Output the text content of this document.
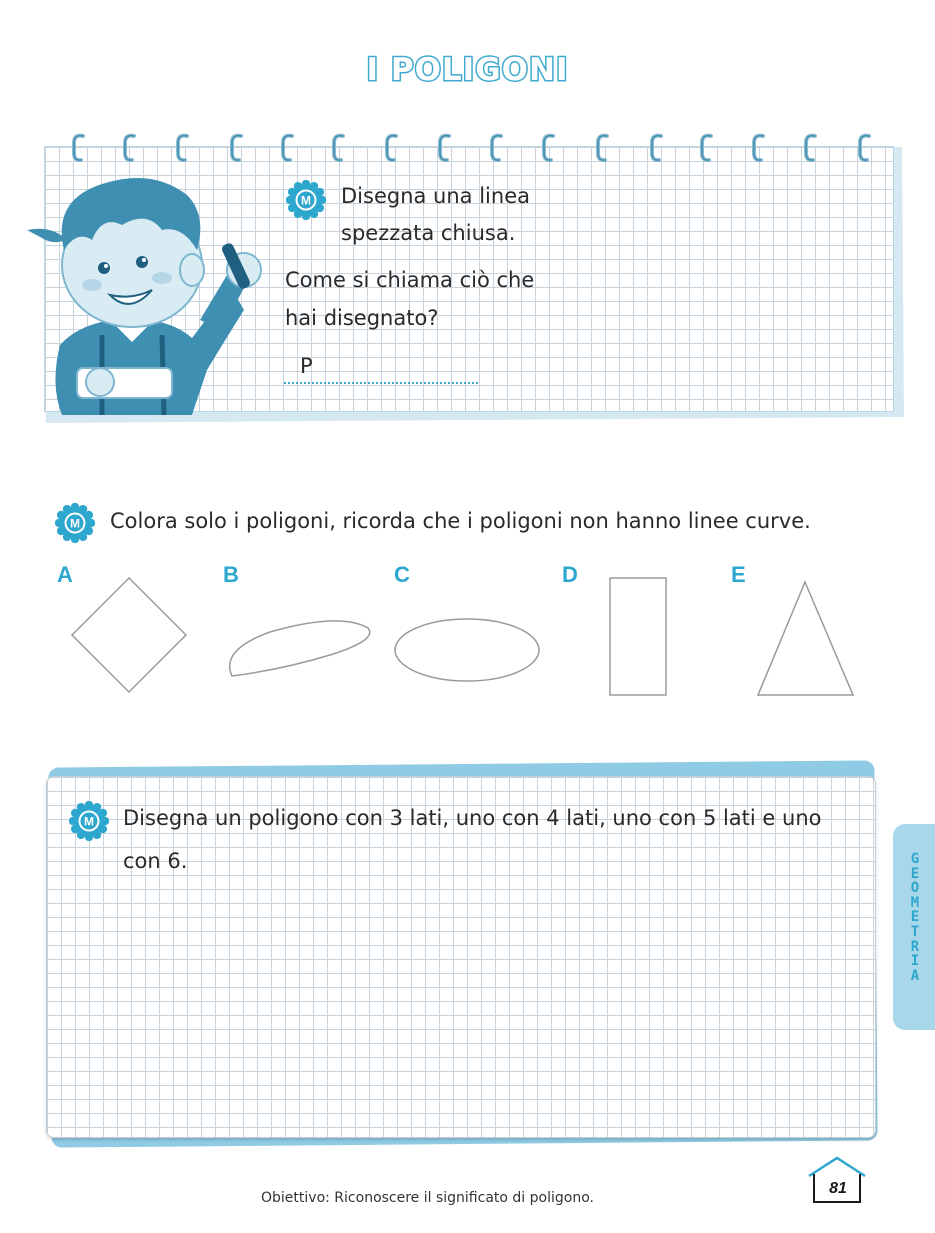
I POLIGONI
M Disegna una linea
spezzata chiusa.
Come si chiama ciò che
hai disegnato?
P
M Colora solo i poligoni, ricorda che i poligoni non hanno linee curve.
A	B	C	D	E
M Disegna un poligono con 3 lati, uno con 4 lati, uno con 5 lati e uno
con 6.	G
E
O
M
E
T
R
I
A
Obiettivo: Riconoscere il significato di poligono.
81
